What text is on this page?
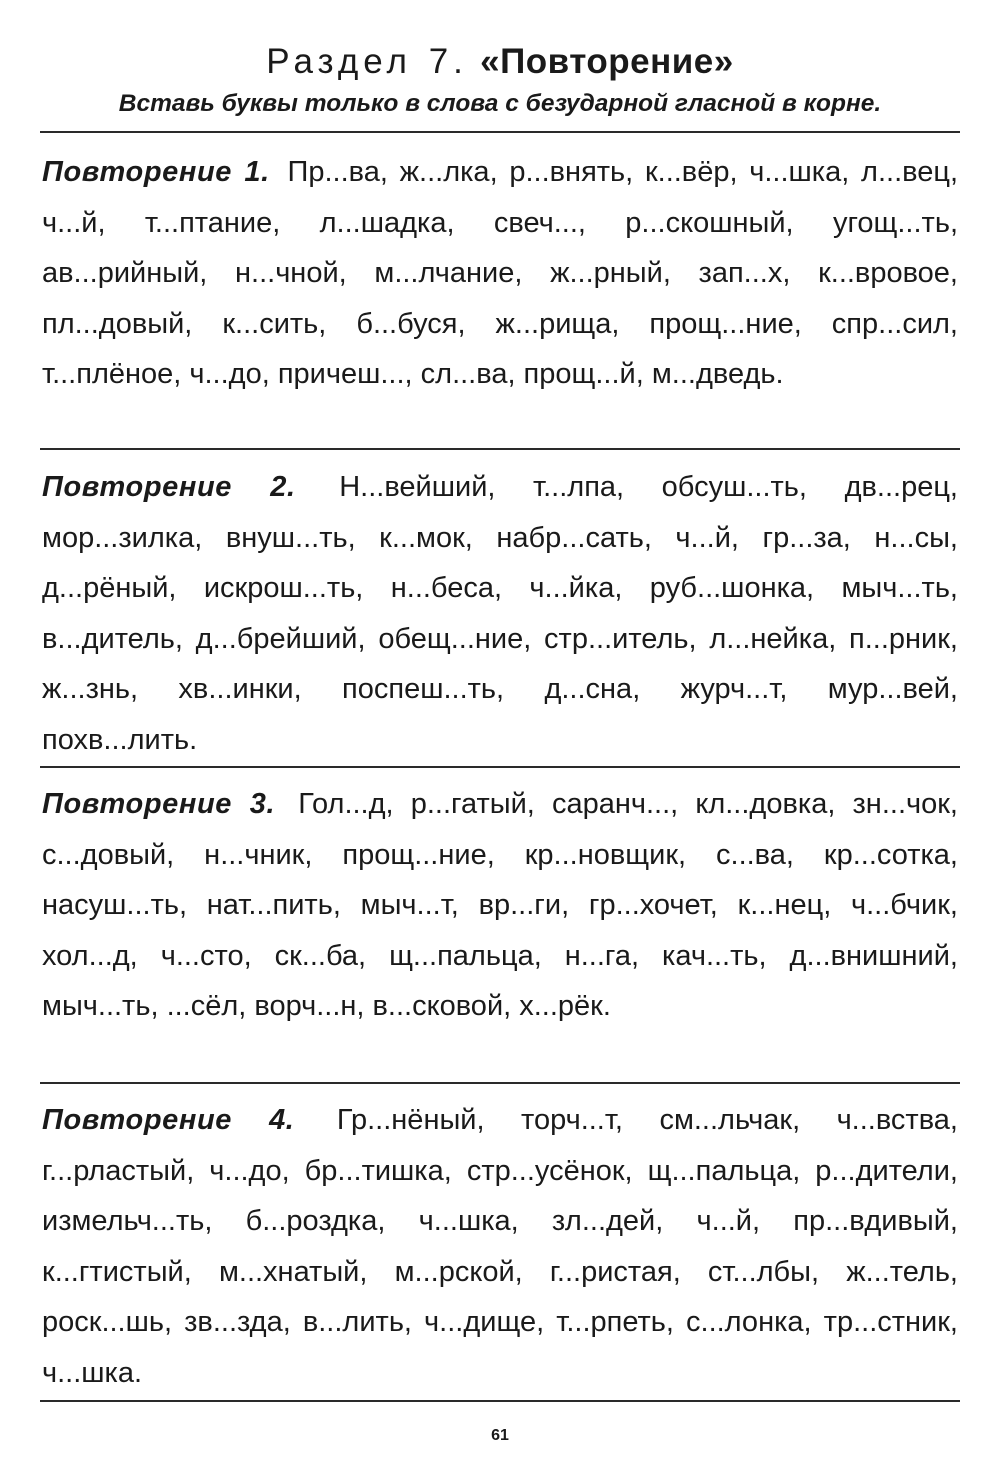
Раздел 7. «Повторение»
Вставь буквы только в слова с безударной гласной в корне.
Повторение 1. Пр...ва, ж...лка, р...внять, к...вёр, ч...шка, л...вец, ч...й, т...птание, л...шадка, свеч..., р...скошный, угощ...ть, ав...рийный, н...чной, м...лчание, ж...рный, зап...х, к...вровое, пл...довый, к...сить, б...буся, ж...рища, прощ...ние, спр...сил, т...плёное, ч...до, причеш..., сл...ва, прощ...й, м...дведь.
Повторение 2. Н...вейший, т...лпа, обсуш...ть, дв...рец, мор...зилка, внуш...ть, к...мок, набр...сать, ч...й, гр...за, н...сы, д...рёный, искрош...ть, н...беса, ч...йка, руб...шонка, мыч...ть, в...дитель, д...брейший, обещ...ние, стр...итель, л...нейка, п...рник, ж...знь, хв...инки, поспеш...ть, д...сна, журч...т, мур...вей, похв...лить.
Повторение 3. Гол...д, р...гатый, саранч..., кл...довка, зн...чок, с...довый, н...чник, прощ...ние, кр...новщик, с...ва, кр...сотка, насуш...ть, нат...пить, мыч...т, вр...ги, гр...хочет, к...нец, ч...бчик, хол...д, ч...сто, ск...ба, щ...пальца, н...га, кач...ть, д...внишний, мыч...ть, ...сёл, ворч...н, в...сковой, х...рёк.
Повторение 4. Гр...нёный, торч...т, см...льчак, ч...вства, г...рластый, ч...до, бр...тишка, стр...усёнок, щ...пальца, р...дители, измельч...ть, б...роздка, ч...шка, зл...дей, ч...й, пр...вдивый, к...гтистый, м...хнатый, м...рской, г...ристая, ст...лбы, ж...тель, роск...шь, зв...зда, в...лить, ч...дище, т...рпеть, с...лонка, тр...стник, ч...шка.
61
